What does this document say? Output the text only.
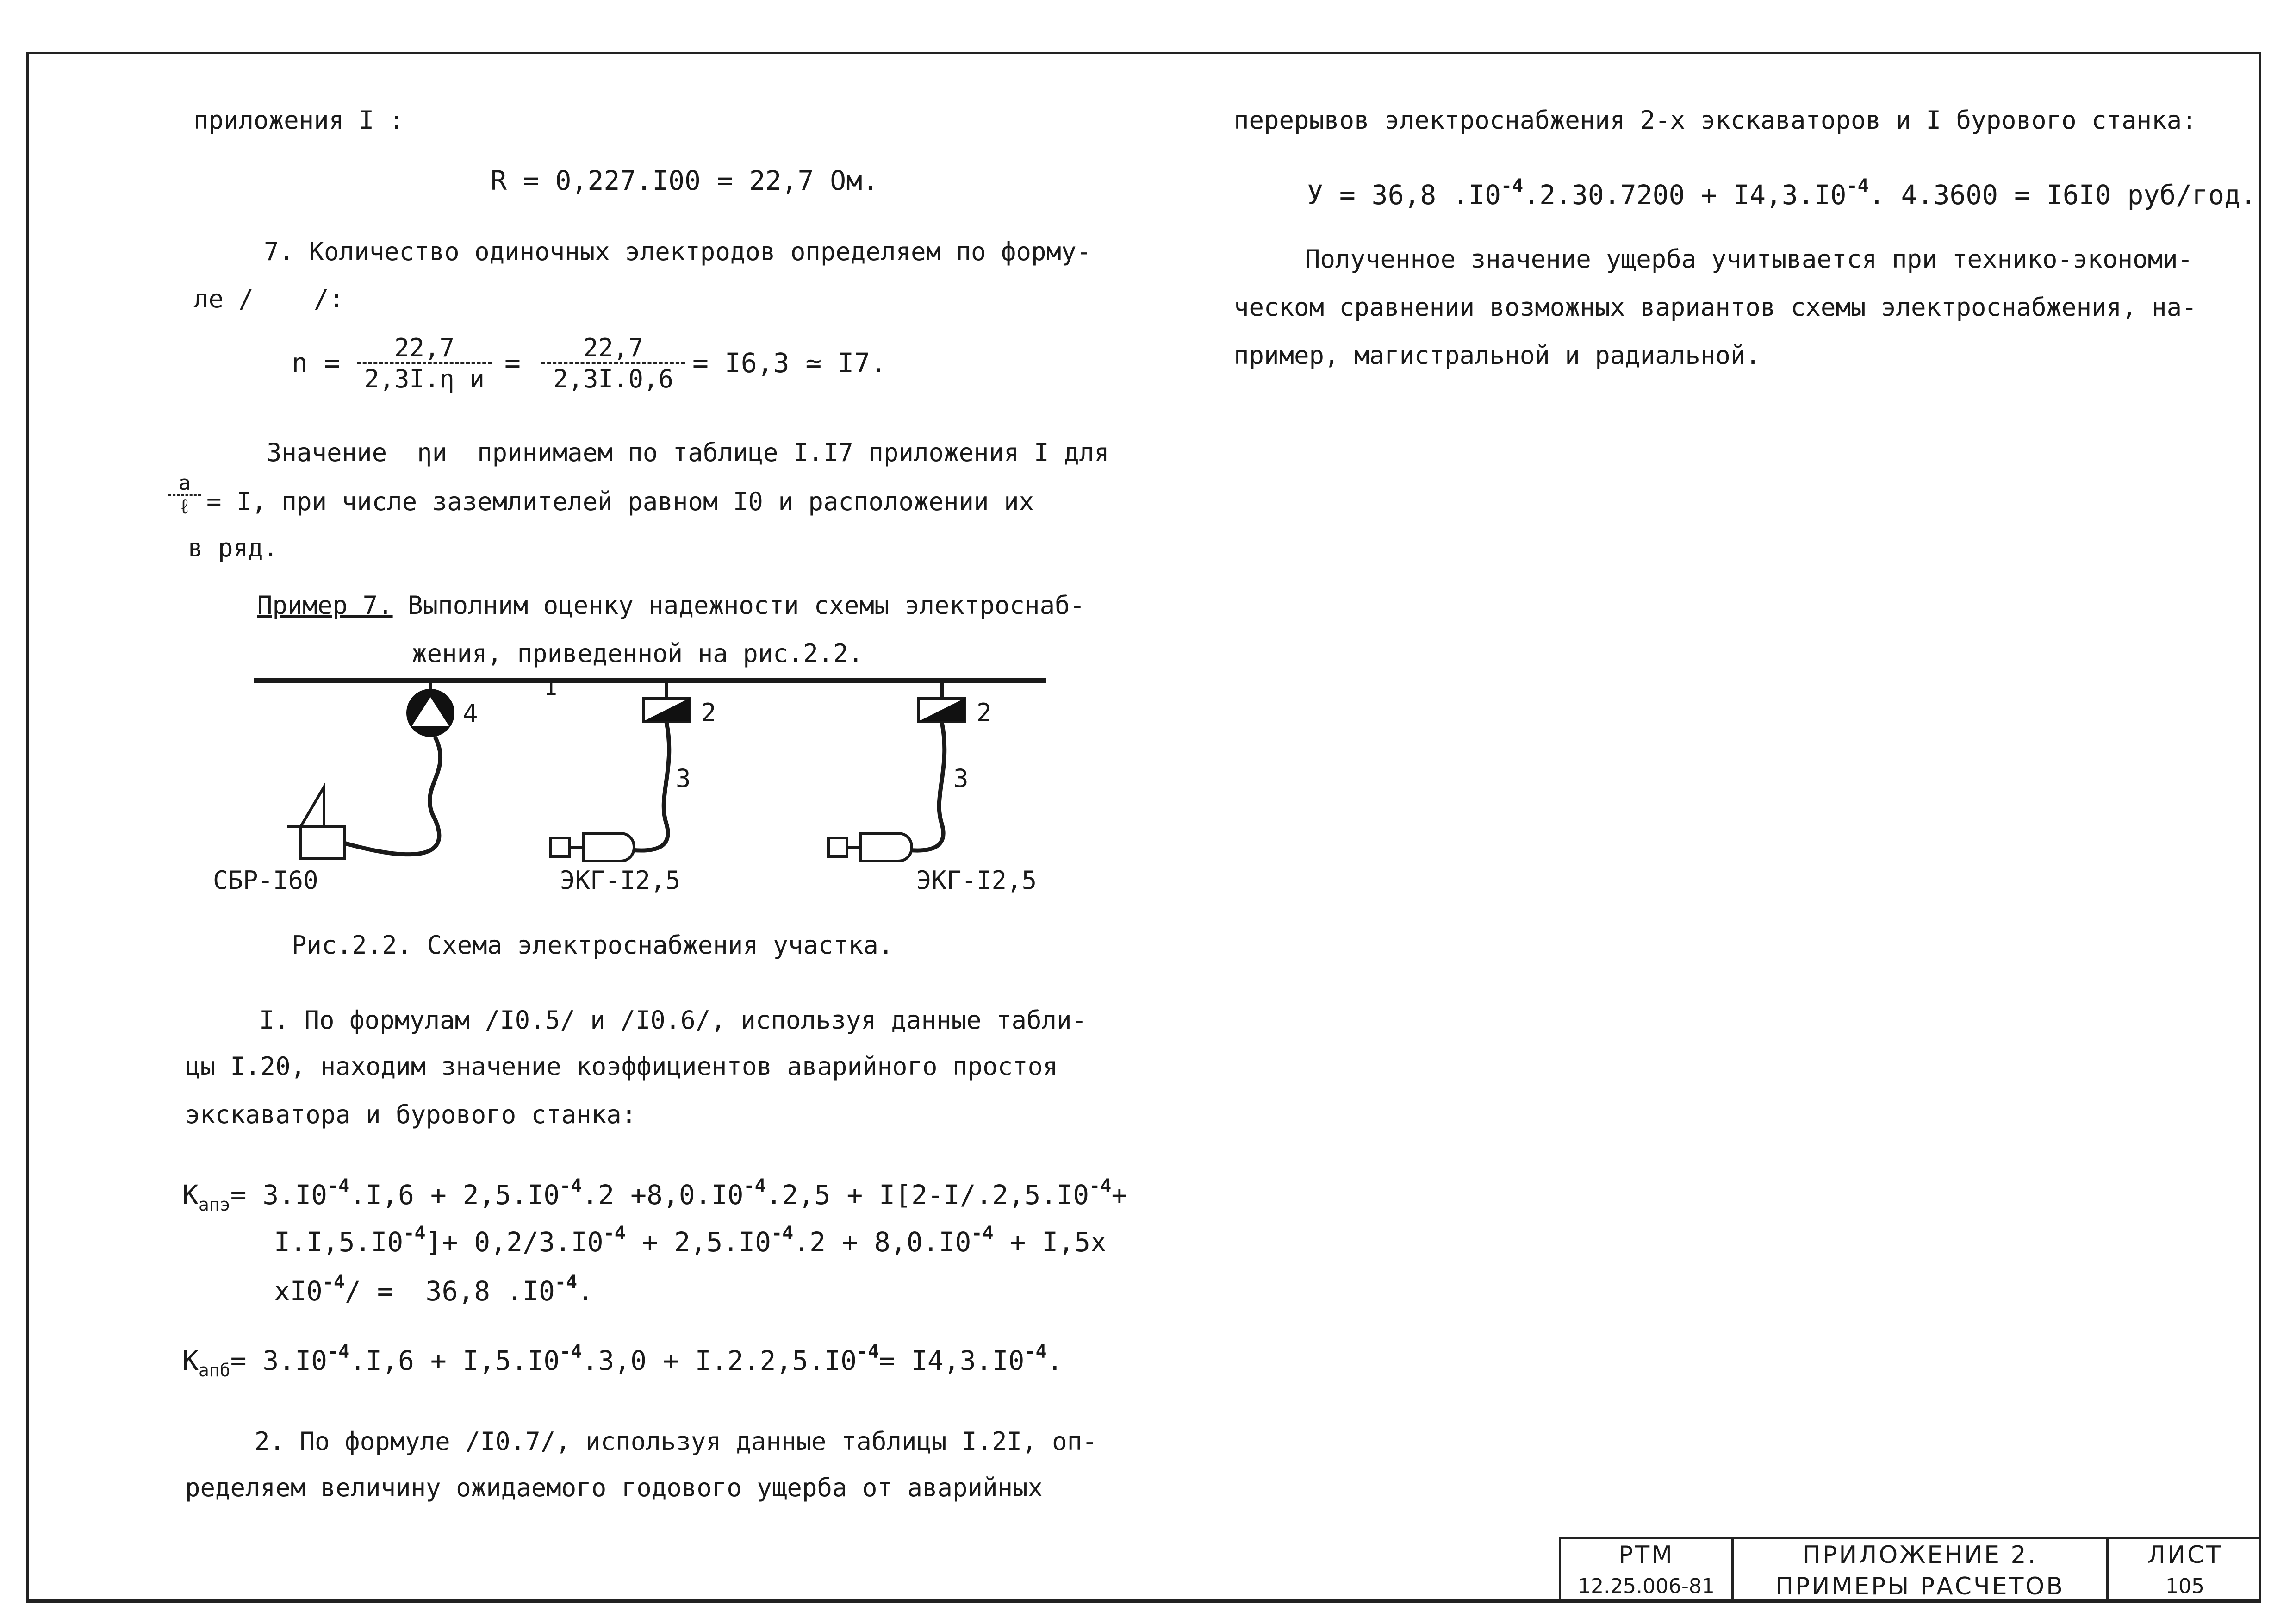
приложения I :
R = 0,227.I00 = 22,7 Ом.
7. Количество одиночных электродов определяем по форму-
ле /    /:
n =	22,7
2,3I.η и
= $\frac{22,7}{2,3I.0,6} = I6,3$ ≃ I7.
Значение  ηи  принимаем по таблице I.I7 приложения I для
a
ℓ = I, при числе заземлителей равном I0 и расположении их
в ряд.
Пример 7. Выполним оценку надежности схемы электроснаб-
жения, приведенной на рис.2.2.
1
4
СБР-I60
2
3
ЭКГ-I2,5
2
3
ЭКГ-I2,5
Рис.2.2. Схема электроснабжения участка.
I. По формулам /I0.5/ и /I0.6/, используя данные табли-
цы I.20, находим значение коэффициентов аварийного простоя
экскаватора и бурового станка:
$K_{апэ}= 3.I0^{-4}.I,6 + 2,5.I0^{-4}.2 +8,0.I0^{-4}.2,5 + I[2-I/.2,5.I0^{-4}+$
$I.I,5.I0^{-4}]+ 0,2/3.I0^{-4} + 2,5.I0^{-4}.2 + 8,0.I0^{-4} + I,5x$
$xI0^{-4}/ = 36,8$ $.I0^{-4}$.
$K_{апб}= 3.I0^{-4}.I,6 + I,5.I0^{-4}.3,0 + I.2.2,5.I0^{-4}= I4,3.I0^{-4}$.
2. По формуле /I0.7/, используя данные таблицы I.2I, оп-
ределяем величину ожидаемого годового ущерба от аварийных
перерывов электроснабжения 2-х экскаваторов и I бурового станка:
У = 36,8 $.I0^{-4}.2.30.7200 + I4,3.I0^{-4}$. 4.3600 = I6I0 руб/год.
Полученное значение ущерба учитывается при технико-экономи-
ческом сравнении возможных вариантов схемы электроснабжения, на-
пример, магистральной и радиальной.
РТМ
12.25.006-81
ПРИЛОЖЕНИЕ 2.
ПРИМЕРЫ РАСЧЕТОВ
ЛИСТ
105
